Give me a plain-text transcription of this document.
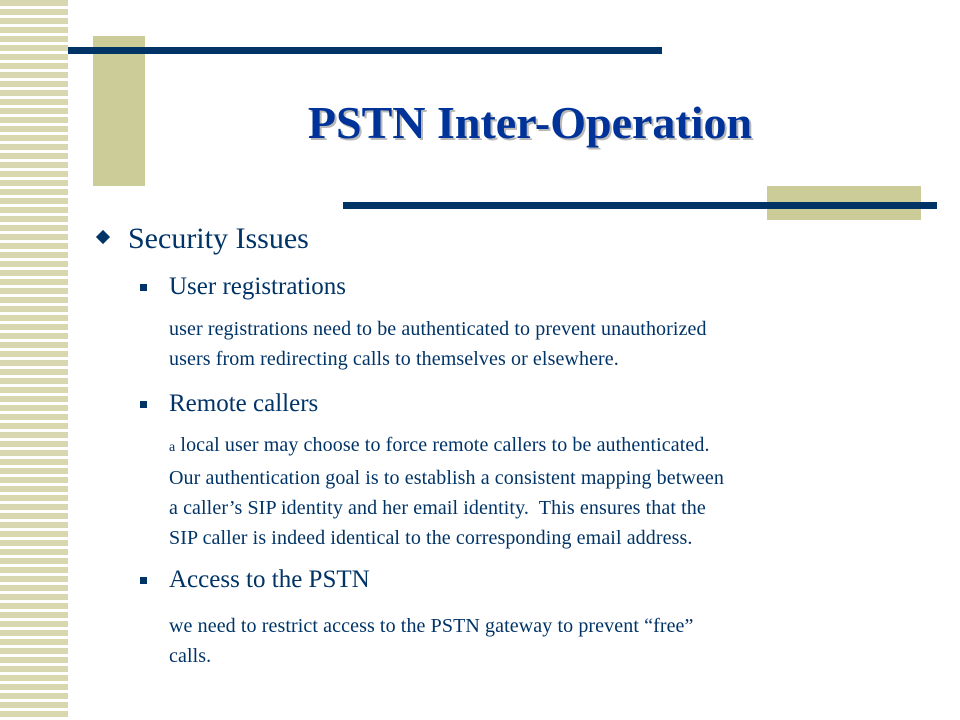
PSTN Inter-Operation
Security Issues
User registrations
user registrations need to be authenticated to prevent unauthorized
users from redirecting calls to themselves or elsewhere.
Remote callers
a local user may choose to force remote callers to be authenticated.
Our authentication goal is to establish a consistent mapping between
a caller’s SIP identity and her email identity.  This ensures that the
SIP caller is indeed identical to the corresponding email address.
Access to the PSTN
we need to restrict access to the PSTN gateway to prevent “free”
calls.
